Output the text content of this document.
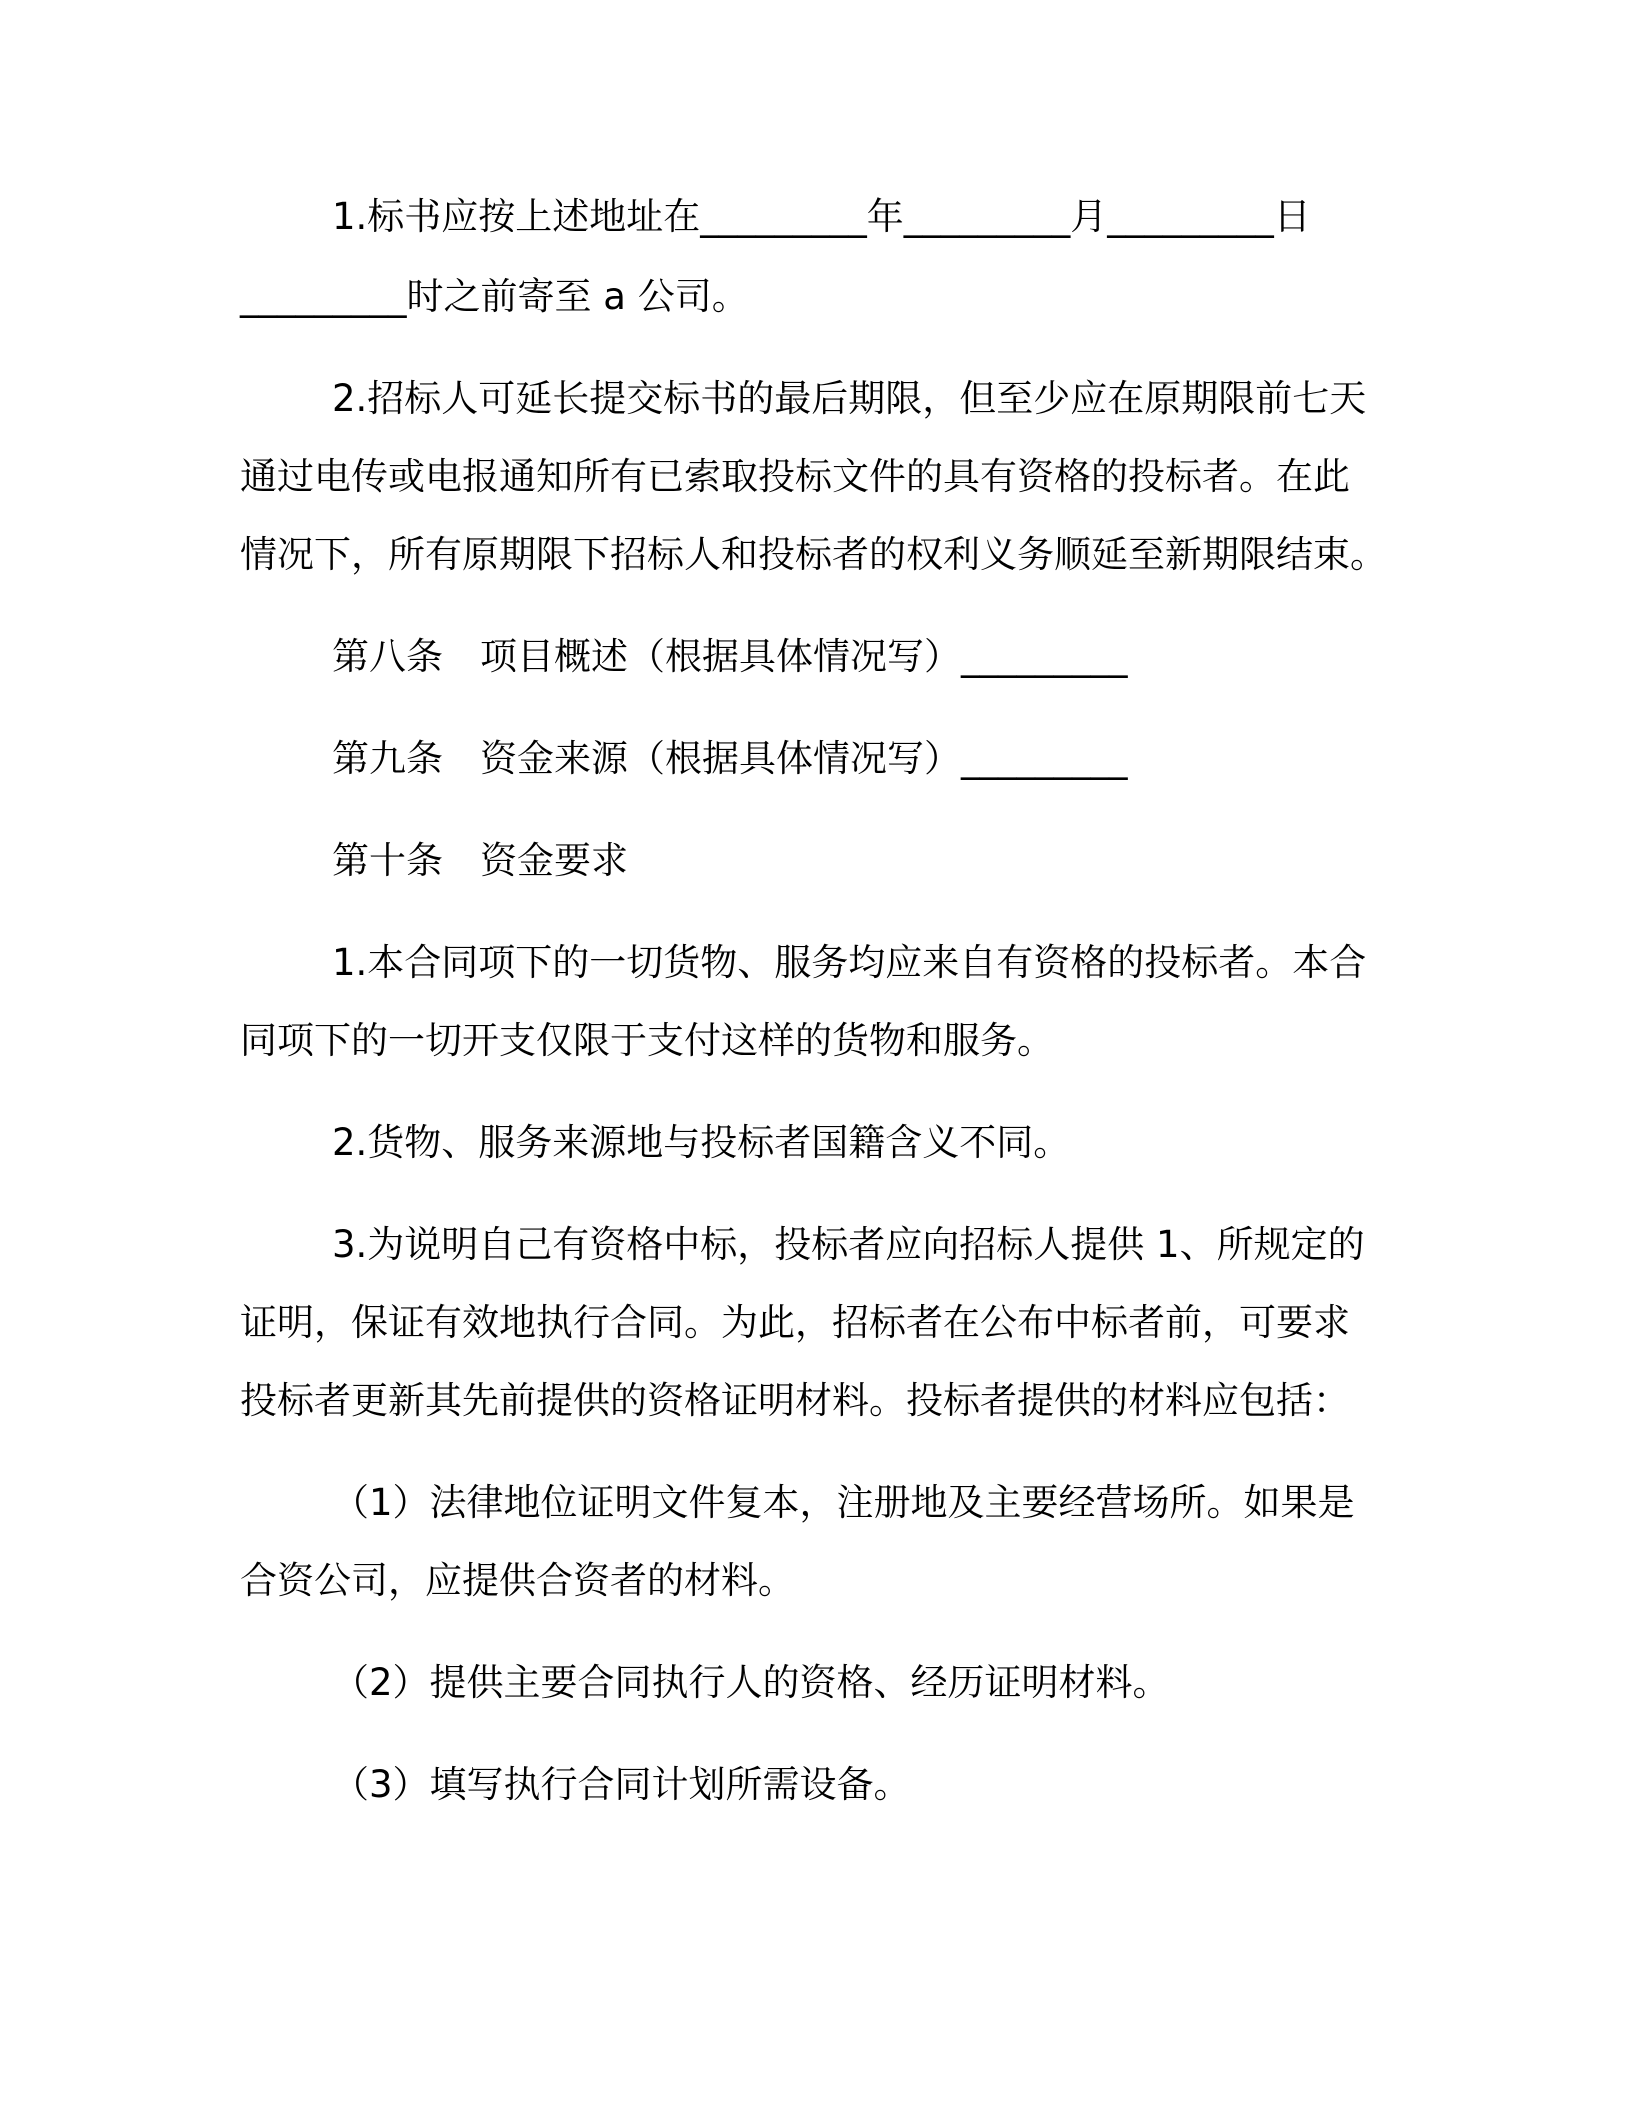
1.标书应按上述地址在_________年_________月_________日
_________时之前寄至 a 公司。
2.招标人可延长提交标书的最后期限，但至少应在原期限前七天
通过电传或电报通知所有已索取投标文件的具有资格的投标者。在此
情况下，所有原期限下招标人和投标者的权利义务顺延至新期限结束。
第八条　项目概述（根据具体情况写）_________
第九条　资金来源（根据具体情况写）_________
第十条　资金要求
1.本合同项下的一切货物、服务均应来自有资格的投标者。本合
同项下的一切开支仅限于支付这样的货物和服务。
2.货物、服务来源地与投标者国籍含义不同。
3.为说明自己有资格中标，投标者应向招标人提供 1、所规定的
证明，保证有效地执行合同。为此，招标者在公布中标者前，可要求
投标者更新其先前提供的资格证明材料。投标者提供的材料应包括：
（1）法律地位证明文件复本，注册地及主要经营场所。如果是
合资公司，应提供合资者的材料。
（2）提供主要合同执行人的资格、经历证明材料。
（3）填写执行合同计划所需设备。
